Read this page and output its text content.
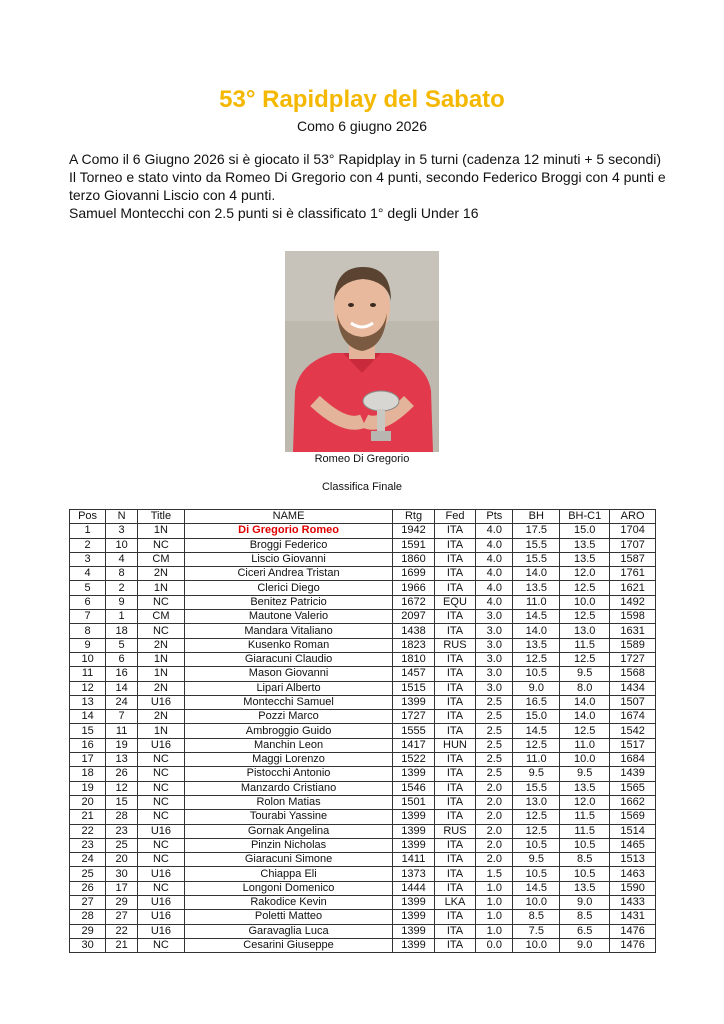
53° Rapidplay del Sabato
Como 6 giugno 2026

A Como il 6 Giugno 2026 si è giocato il 53° Rapidplay in 5 turni (cadenza 12 minuti + 5 secondi)

Il Torneo e stato vinto da Romeo Di Gregorio con 4 punti, secondo Federico Broggi con 4 punti e terzo Giovanni Liscio con 4 punti.

Samuel Montecchi con 2.5 punti si è classificato 1° degli Under 16

Romeo Di Gregorio
Classifica Finale
Pos	N	Title	NAME	Rtg	Fed	Pts	BH	BH-C1	ARO
1	3	1N	Di Gregorio Romeo	1942	ITA	4.0	17.5	15.0	1704
2	10	NC	Broggi Federico	1591	ITA	4.0	15.5	13.5	1707
3	4	CM	Liscio Giovanni	1860	ITA	4.0	15.5	13.5	1587
4	8	2N	Ciceri Andrea Tristan	1699	ITA	4.0	14.0	12.0	1761
5	2	1N	Clerici Diego	1966	ITA	4.0	13.5	12.5	1621
6	9	NC	Benitez Patricio	1672	EQU	4.0	11.0	10.0	1492
7	1	CM	Mautone Valerio	2097	ITA	3.0	14.5	12.5	1598
8	18	NC	Mandara Vitaliano	1438	ITA	3.0	14.0	13.0	1631
9	5	2N	Kusenko Roman	1823	RUS	3.0	13.5	11.5	1589
10	6	1N	Giaracuni Claudio	1810	ITA	3.0	12.5	12.5	1727
11	16	1N	Mason Giovanni	1457	ITA	3.0	10.5	9.5	1568
12	14	2N	Lipari Alberto	1515	ITA	3.0	9.0	8.0	1434
13	24	U16	Montecchi Samuel	1399	ITA	2.5	16.5	14.0	1507
14	7	2N	Pozzi Marco	1727	ITA	2.5	15.0	14.0	1674
15	11	1N	Ambroggio Guido	1555	ITA	2.5	14.5	12.5	1542
16	19	U16	Manchin Leon	1417	HUN	2.5	12.5	11.0	1517
17	13	NC	Maggi Lorenzo	1522	ITA	2.5	11.0	10.0	1684
18	26	NC	Pistocchi Antonio	1399	ITA	2.5	9.5	9.5	1439
19	12	NC	Manzardo Cristiano	1546	ITA	2.0	15.5	13.5	1565
20	15	NC	Rolon Matias	1501	ITA	2.0	13.0	12.0	1662
21	28	NC	Tourabi Yassine	1399	ITA	2.0	12.5	11.5	1569
22	23	U16	Gornak Angelina	1399	RUS	2.0	12.5	11.5	1514
23	25	NC	Pinzin Nicholas	1399	ITA	2.0	10.5	10.5	1465
24	20	NC	Giaracuni Simone	1411	ITA	2.0	9.5	8.5	1513
25	30	U16	Chiappa Eli	1373	ITA	1.5	10.5	10.5	1463
26	17	NC	Longoni Domenico	1444	ITA	1.0	14.5	13.5	1590
27	29	U16	Rakodice Kevin	1399	LKA	1.0	10.0	9.0	1433
28	27	U16	Poletti Matteo	1399	ITA	1.0	8.5	8.5	1431
29	22	U16	Garavaglia Luca	1399	ITA	1.0	7.5	6.5	1476
30	21	NC	Cesarini Giuseppe	1399	ITA	0.0	10.0	9.0	1476
